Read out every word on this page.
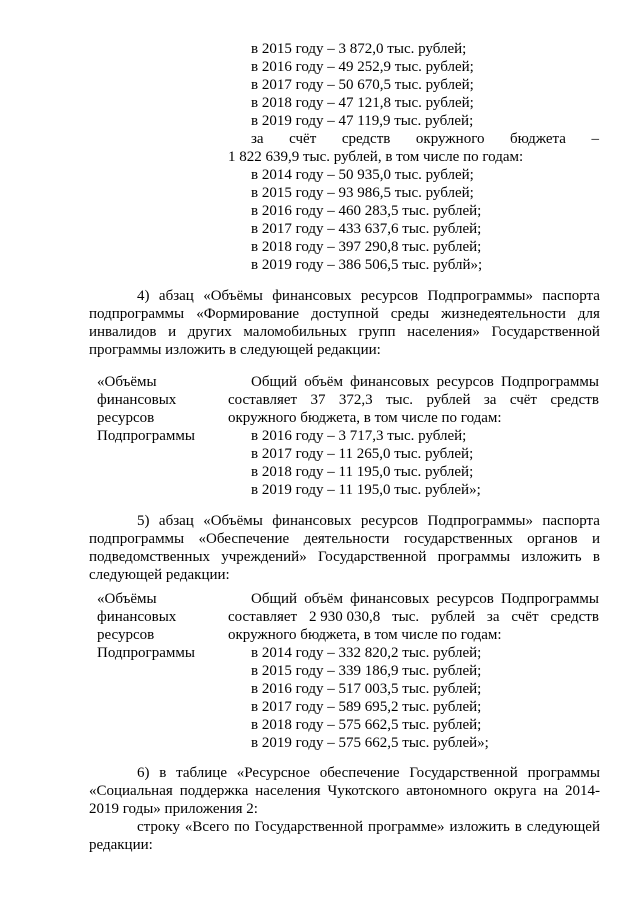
в 2015 году – 3 872,0 тыс. рублей;
в 2016 году – 49 252,9 тыс. рублей;
в 2017 году – 50 670,5 тыс. рублей;
в 2018 году – 47 121,8 тыс. рублей;
в 2019 году – 47 119,9 тыс. рублей;
за счёт средств окружного бюджета –
1 822 639,9 тыс. рублей, в том числе по годам:
в 2014 году – 50 935,0 тыс. рублей;
в 2015 году – 93 986,5 тыс. рублей;
в 2016 году – 460 283,5 тыс. рублей;
в 2017 году – 433 637,6 тыс. рублей;
в 2018 году – 397 290,8 тыс. рублей;
в 2019 году – 386 506,5 тыс. рублй»;
4) абзац «Объёмы финансовых ресурсов Подпрограммы» паспорта
подпрограммы «Формирование доступной среды жизнедеятельности для
инвалидов и других маломобильных групп населения» Государственной
программы изложить в следующей редакции:
«Объёмы
финансовых
ресурсов
Подпрограммы
Общий объём финансовых ресурсов Подпрограммы
составляет 37 372,3 тыс. рублей за счёт средств
окружного бюджета, в том числе по годам:
в 2016 году – 3 717,3 тыс. рублей;
в 2017 году – 11 265,0 тыс. рублей;
в 2018 году – 11 195,0 тыс. рублей;
в 2019 году – 11 195,0 тыс. рублей»;
5) абзац «Объёмы финансовых ресурсов Подпрограммы» паспорта
подпрограммы «Обеспечение деятельности государственных органов и
подведомственных учреждений» Государственной программы изложить в
следующей редакции:
«Объёмы
финансовых
ресурсов
Подпрограммы
Общий объём финансовых ресурсов Подпрограммы
составляет 2 930 030,8 тыс. рублей за счёт средств
окружного бюджета, в том числе по годам:
в 2014 году – 332 820,2 тыс. рублей;
в 2015 году – 339 186,9 тыс. рублей;
в 2016 году – 517 003,5 тыс. рублей;
в 2017 году – 589 695,2 тыс. рублей;
в 2018 году – 575 662,5 тыс. рублей;
в 2019 году – 575 662,5 тыс. рублей»;
6) в таблице «Ресурсное обеспечение Государственной программы
«Социальная поддержка населения Чукотского автономного округа на 2014-
2019 годы» приложения 2:
строку «Всего по Государственной программе» изложить в следующей
редакции:
